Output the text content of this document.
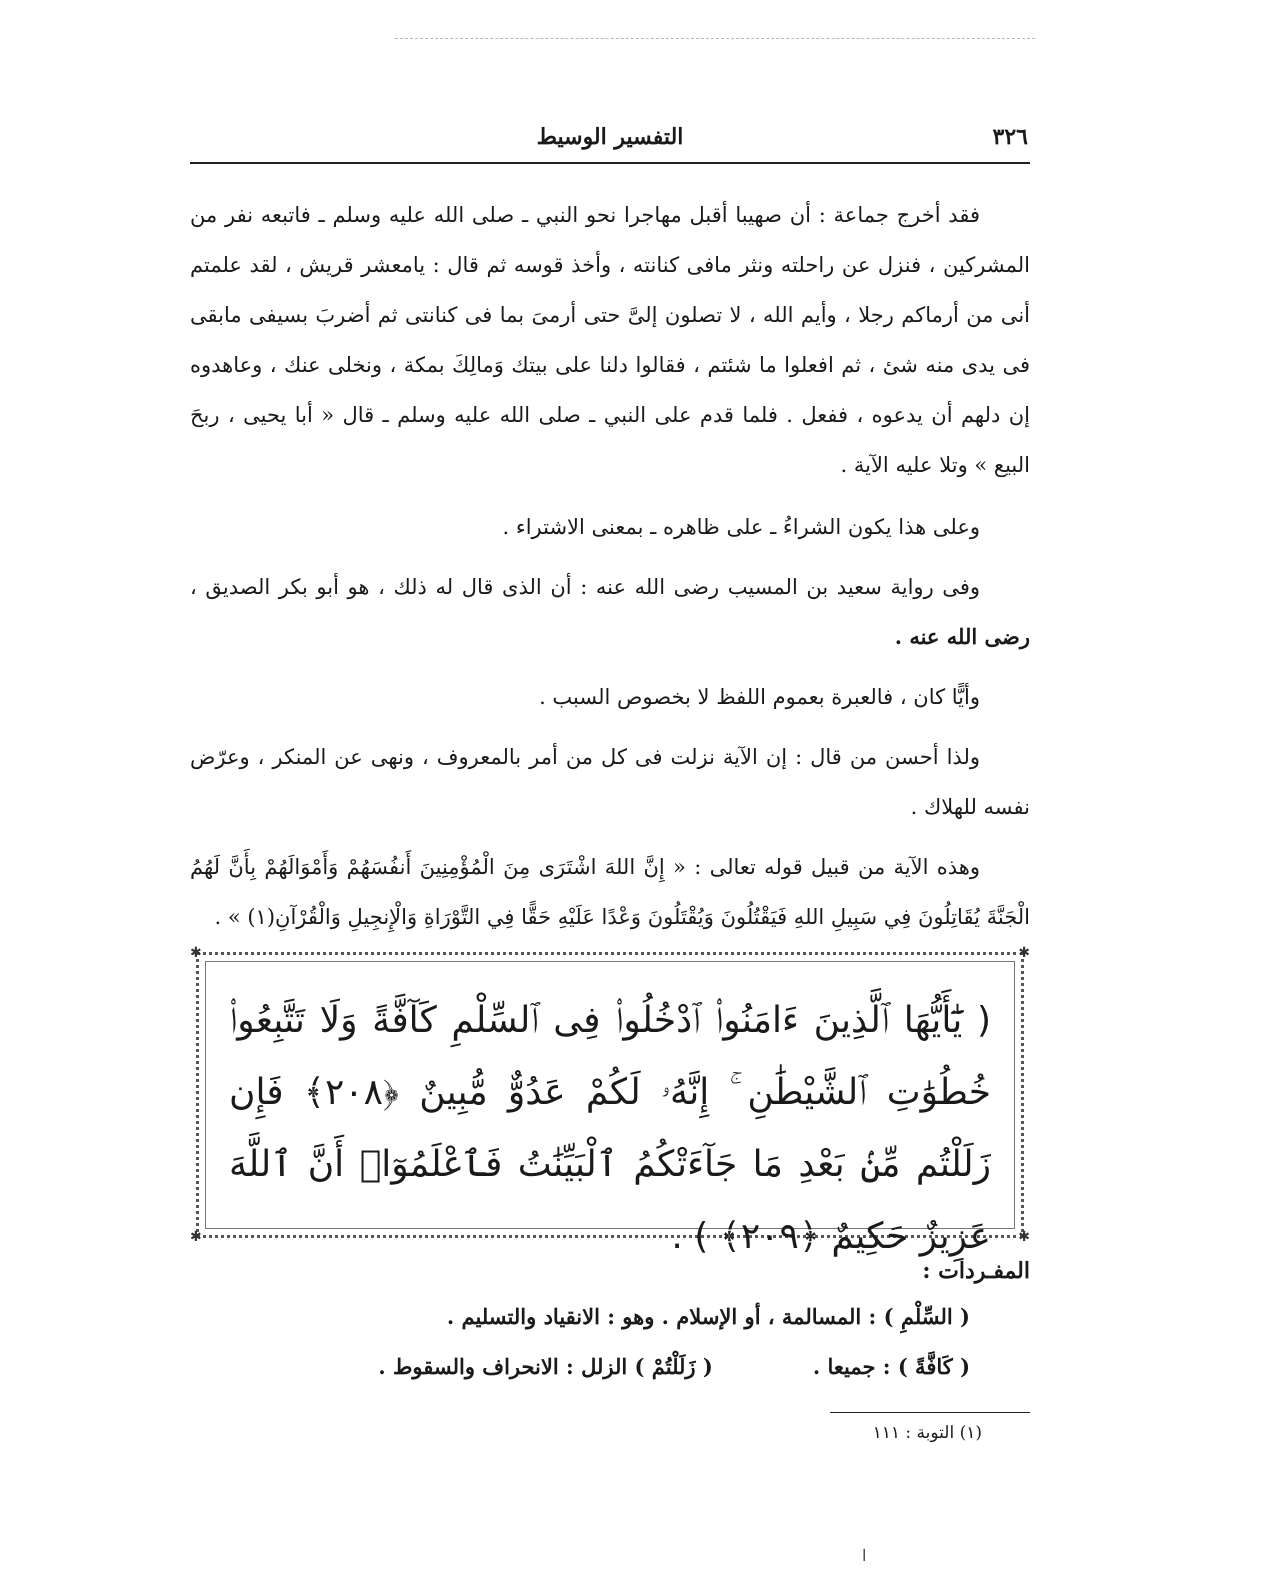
٣٢٦
التفسير الوسيط

فقد أخرج جماعة : أن صهيبا أقبل مهاجرا نحو النبي ـ صلى الله عليه وسلم ـ فاتبعه نفر من المشركين ، فنزل عن راحلته ونثر مافى كنانته ، وأخذ قوسه ثم قال : يامعشر قريش ، لقد علمتم أنى من أرماكم رجلا ، وأيم الله ، لا تصلون إلىَّ حتى أرمىَ بما فى كنانتى ثم أضربَ بسيفى مابقى فى يدى منه شئ ، ثم افعلوا ما شئتم ، فقالوا دلنا على بيتك وَمالِكَ بمكة ، ونخلى عنك ، وعاهدوه إن دلهم أن يدعوه ، ففعل . فلما قدم على النبي ـ صلى الله عليه وسلم ـ قال « أبا يحيى ، ربحَ البيع » وتلا عليه الآية .

وعلى هذا يكون الشراءُ ـ على ظاهره ـ بمعنى الاشتراء .

وفى رواية سعيد بن المسيب رضى الله عنه : أن الذى قال له ذلك ، هو أبو بكر الصديق ، رضى الله عنه .

وأيًّا كان ، فالعبرة بعموم اللفظ لا بخصوص السبب .

ولذا أحسن من قال : إن الآية نزلت فى كل من أمر بالمعروف ، ونهى عن المنكر ، وعرّض نفسه للهلاك .

وهذه الآية من قبيل قوله تعالى : « إِنَّ اللهَ اشْتَرَى مِنَ الْمُؤْمِنِينَ أَنفُسَهُمْ وَأَمْوَالَهُمْ بِأَنَّ لَهُمُ الْجَنَّةَ يُقَاتِلُونَ فِي سَبِيلِ اللهِ فَيَقْتُلُونَ وَيُقْتَلُونَ وَعْدًا عَلَيْهِ حَقًّا فِي التَّوْرَاةِ وَالْإِنجِيلِ وَالْقُرْآنِ(١) » .

✱	✱
✱	✱
( يَٰٓأَيُّهَا ٱلَّذِينَ ءَامَنُوا۟ ٱدْخُلُوا۟ فِى ٱلسِّلْمِ كَآفَّةً وَلَا تَتَّبِعُوا۟ خُطُوَٰتِ ٱلشَّيْطَٰنِ ۚ إِنَّهُۥ لَكُمْ عَدُوٌّ مُّبِينٌ ﴿٢٠٨﴾ فَإِن زَلَلْتُم مِّنۢ بَعْدِ مَا جَآءَتْكُمُ ٱلْبَيِّنَٰتُ فَٱعْلَمُوٓا۟ أَنَّ ٱللَّهَ عَزِيزٌ حَكِيمٌ ﴿٢٠٩﴾ ) .
المفـردات :
( السِّلْمِ ) : المسالمة ، أو الإسلام . وهو : الانقياد والتسليم .
( كَافَّةً ) : جميعا .
( زَلَلْتُمْ ) الزلل : الانحراف والسقوط .
(١) التوبة : ١١١
ا
